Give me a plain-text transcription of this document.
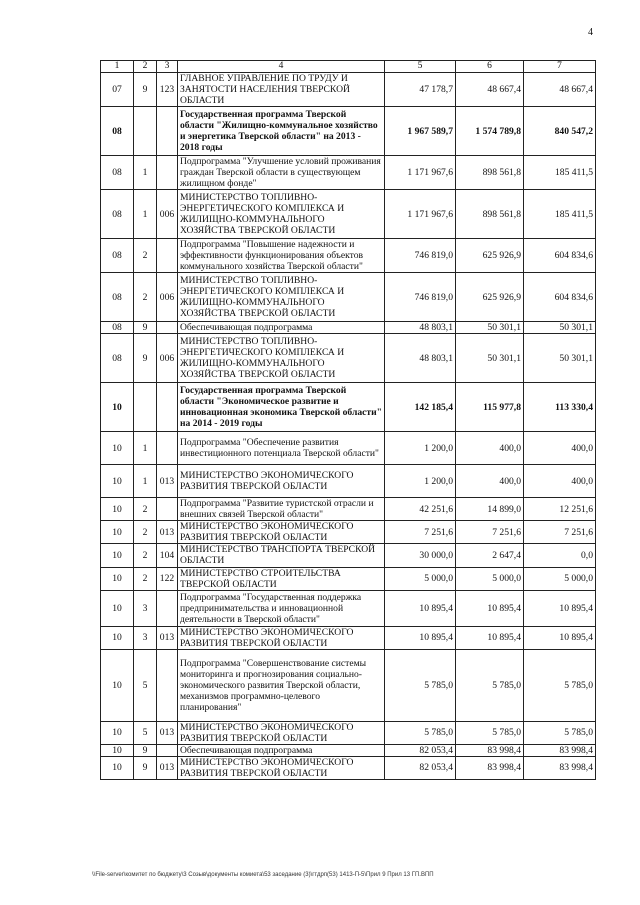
4
1	2	3	4	5	6	7
07	9	123	ГЛАВНОЕ УПРАВЛЕНИЕ ПО ТРУДУ И ЗАНЯТОСТИ НАСЕЛЕНИЯ ТВЕРСКОЙ ОБЛАСТИ	47 178,7	48 667,4	48 667,4
08			Государственная программа Тверской области "Жилищно-коммунальное хозяйство и энергетика Тверской области" на 2013 - 2018 годы	1 967 589,7	1 574 789,8	840 547,2
08	1		Подпрограмма "Улучшение условий проживания граждан Тверской области в существующем жилищном фонде"	1 171 967,6	898 561,8	185 411,5
08	1	006	МИНИСТЕРСТВО ТОПЛИВНО-ЭНЕРГЕТИЧЕСКОГО КОМПЛЕКСА И ЖИЛИЩНО-КОММУНАЛЬНОГО ХОЗЯЙСТВА ТВЕРСКОЙ ОБЛАСТИ	1 171 967,6	898 561,8	185 411,5
08	2		Подпрограмма "Повышение надежности и эффективности функционирования объектов коммунального хозяйства Тверской области"	746 819,0	625 926,9	604 834,6
08	2	006	МИНИСТЕРСТВО ТОПЛИВНО-ЭНЕРГЕТИЧЕСКОГО КОМПЛЕКСА И ЖИЛИЩНО-КОММУНАЛЬНОГО ХОЗЯЙСТВА ТВЕРСКОЙ ОБЛАСТИ	746 819,0	625 926,9	604 834,6
08	9		Обеспечивающая подпрограмма	48 803,1	50 301,1	50 301,1
08	9	006	МИНИСТЕРСТВО ТОПЛИВНО-ЭНЕРГЕТИЧЕСКОГО КОМПЛЕКСА И ЖИЛИЩНО-КОММУНАЛЬНОГО ХОЗЯЙСТВА ТВЕРСКОЙ ОБЛАСТИ	48 803,1	50 301,1	50 301,1
10			Государственная программа Тверской области "Экономическое развитие и инновационная экономика Тверской области" на 2014 - 2019 годы	142 185,4	115 977,8	113 330,4
10	1		Подпрограмма "Обеспечение развития инвестиционного потенциала Тверской области"	1 200,0	400,0	400,0
10	1	013	МИНИСТЕРСТВО ЭКОНОМИЧЕСКОГО РАЗВИТИЯ ТВЕРСКОЙ ОБЛАСТИ	1 200,0	400,0	400,0
10	2		Подпрограмма "Развитие туристской отрасли и внешних связей Тверской области"	42 251,6	14 899,0	12 251,6
10	2	013	МИНИСТЕРСТВО ЭКОНОМИЧЕСКОГО РАЗВИТИЯ ТВЕРСКОЙ ОБЛАСТИ	7 251,6	7 251,6	7 251,6
10	2	104	МИНИСТЕРСТВО ТРАНСПОРТА ТВЕРСКОЙ ОБЛАСТИ	30 000,0	2 647,4	0,0
10	2	122	МИНИСТЕРСТВО СТРОИТЕЛЬСТВА ТВЕРСКОЙ ОБЛАСТИ	5 000,0	5 000,0	5 000,0
10	3		Подпрограмма "Государственная поддержка предпринимательства и инновационной деятельности в Тверской области"	10 895,4	10 895,4	10 895,4
10	3	013	МИНИСТЕРСТВО ЭКОНОМИЧЕСКОГО РАЗВИТИЯ ТВЕРСКОЙ ОБЛАСТИ	10 895,4	10 895,4	10 895,4
10	5		Подпрограмма "Совершенствование системы мониторинга и прогнозирования социально-экономического развития Тверской области, механизмов программно-целевого планирования"	5 785,0	5 785,0	5 785,0
10	5	013	МИНИСТЕРСТВО ЭКОНОМИЧЕСКОГО РАЗВИТИЯ ТВЕРСКОЙ ОБЛАСТИ	5 785,0	5 785,0	5 785,0
10	9		Обеспечивающая подпрограмма	82 053,4	83 998,4	83 998,4
10	9	013	МИНИСТЕРСТВО ЭКОНОМИЧЕСКОГО РАЗВИТИЯ ТВЕРСКОЙ ОБЛАСТИ	82 053,4	83 998,4	83 998,4
\\File-server\комитет по бюджету\3 Созыв\документы комиета\53 заседание (3)\гтдрп(53) 1413-П-5\Прил 9 Прил 13 ГП.ВПП
